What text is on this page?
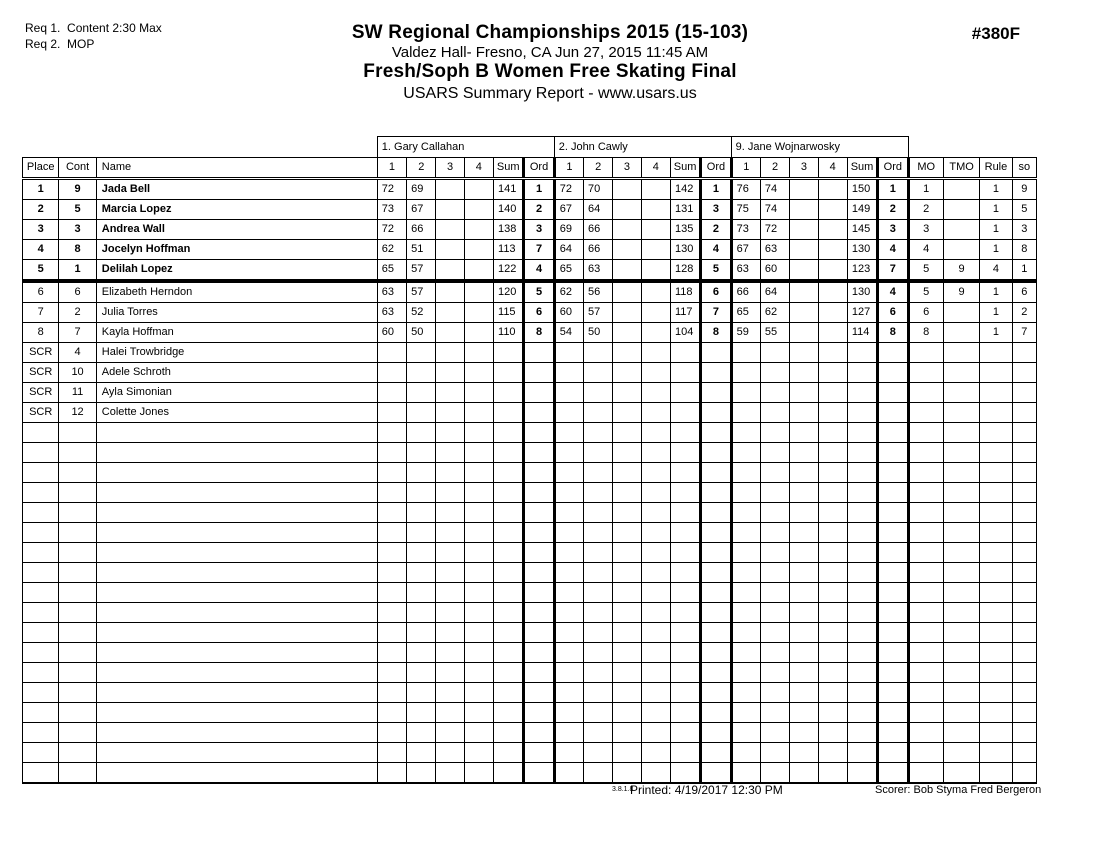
Req 1.  Content 2:30 Max
Req 2.  MOP
SW Regional Championships 2015 (15-103)
Valdez Hall- Fresno, CA Jun 27, 2015 11:45 AM
Fresh/Soph B Women Free Skating Final
USARS Summary Report - www.usars.us
#380F
			1. Gary Callahan						2. John Cawly						9. Jane Wojnarwosky									
Place	Cont	Name	1	2	3	4	Sum	Ord	1	2	3	4	Sum	Ord	1	2	3	4	Sum	Ord	MO	TMO	Rule	so
1	9	Jada Bell	72	69			141	1	72	70			142	1	76	74			150	1	1		1	9
2	5	Marcia Lopez	73	67			140	2	67	64			131	3	75	74			149	2	2		1	5
3	3	Andrea Wall	72	66			138	3	69	66			135	2	73	72			145	3	3		1	3
4	8	Jocelyn Hoffman	62	51			113	7	64	66			130	4	67	63			130	4	4		1	8
5	1	Delilah Lopez	65	57			122	4	65	63			128	5	63	60			123	7	5	9	4	1
6	6	Elizabeth Herndon	63	57			120	5	62	56			118	6	66	64			130	4	5	9	1	6
7	2	Julia Torres	63	52			115	6	60	57			117	7	65	62			127	6	6		1	2
8	7	Kayla Hoffman	60	50			110	8	54	50			104	8	59	55			114	8	8		1	7
SCR	4	Halei Trowbridge																						
SCR	10	Adele Schroth																						
SCR	11	Ayla Simonian																						
SCR	12	Colette Jones																						

3.8.1.8
Printed: 4/19/2017 12:30 PM	Scorer: Bob Styma Fred Bergeron
